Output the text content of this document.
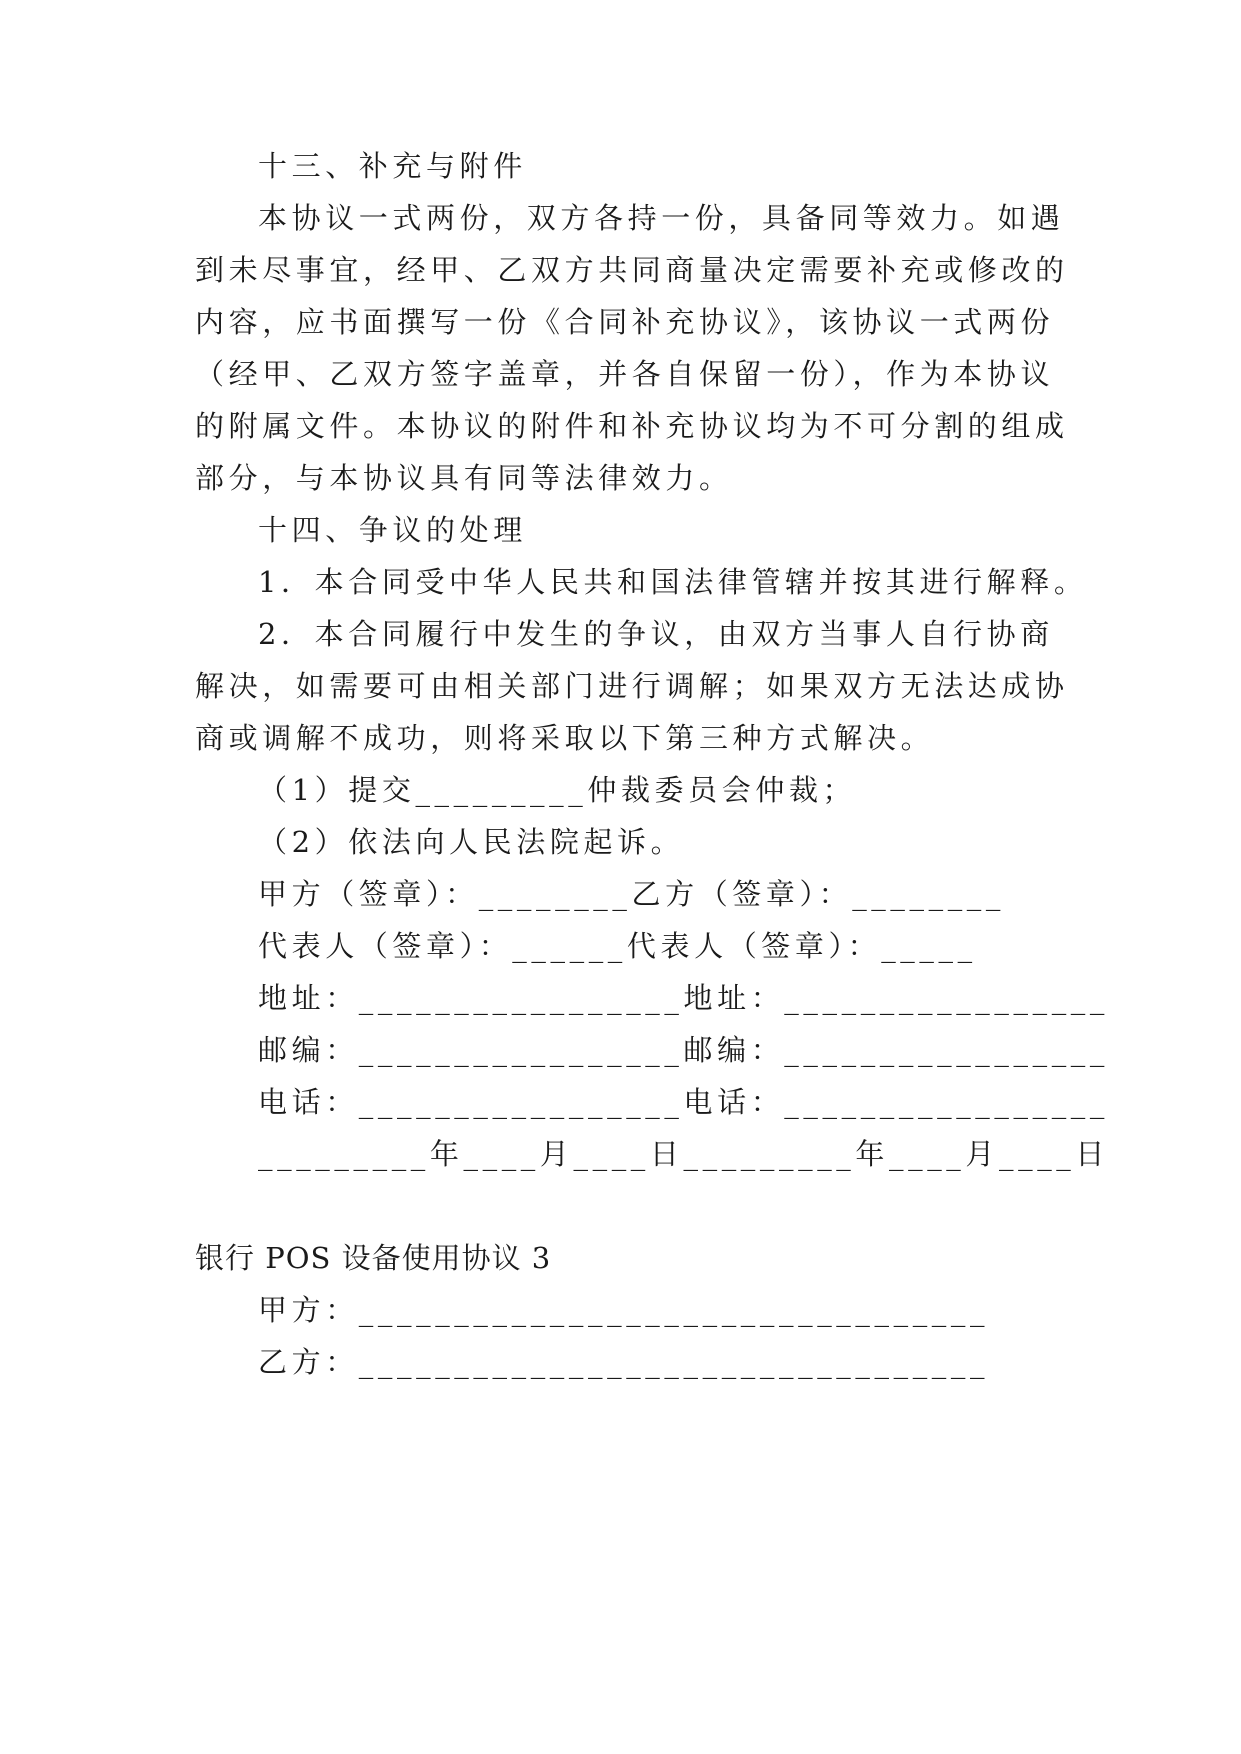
十三、补充与附件
本协议一式两份，双方各持一份，具备同等效力。如遇
到未尽事宜，经甲、乙双方共同商量决定需要补充或修改的
内容，应书面撰写一份《合同补充协议》，该协议一式两份
（经甲、乙双方签字盖章，并各自保留一份），作为本协议
的附属文件。本协议的附件和补充协议均为不可分割的组成
部分，与本协议具有同等法律效力。
十四、争议的处理
1．本合同受中华人民共和国法律管辖并按其进行解释。
2．本合同履行中发生的争议，由双方当事人自行协商
解决，如需要可由相关部门进行调解；如果双方无法达成协
商或调解不成功，则将采取以下第三种方式解决。
（1）提交_________仲裁委员会仲裁；
（2）依法向人民法院起诉。
甲方（签章）：________乙方（签章）：________
代表人（签章）：______代表人（签章）：_____
地址：_________________地址：_________________
邮编：_________________邮编：_________________
电话：_________________电话：_________________
_________年____月____日_________年____月____日
银行 POS 设备使用协议 3
甲方：_________________________________
乙方：_________________________________
